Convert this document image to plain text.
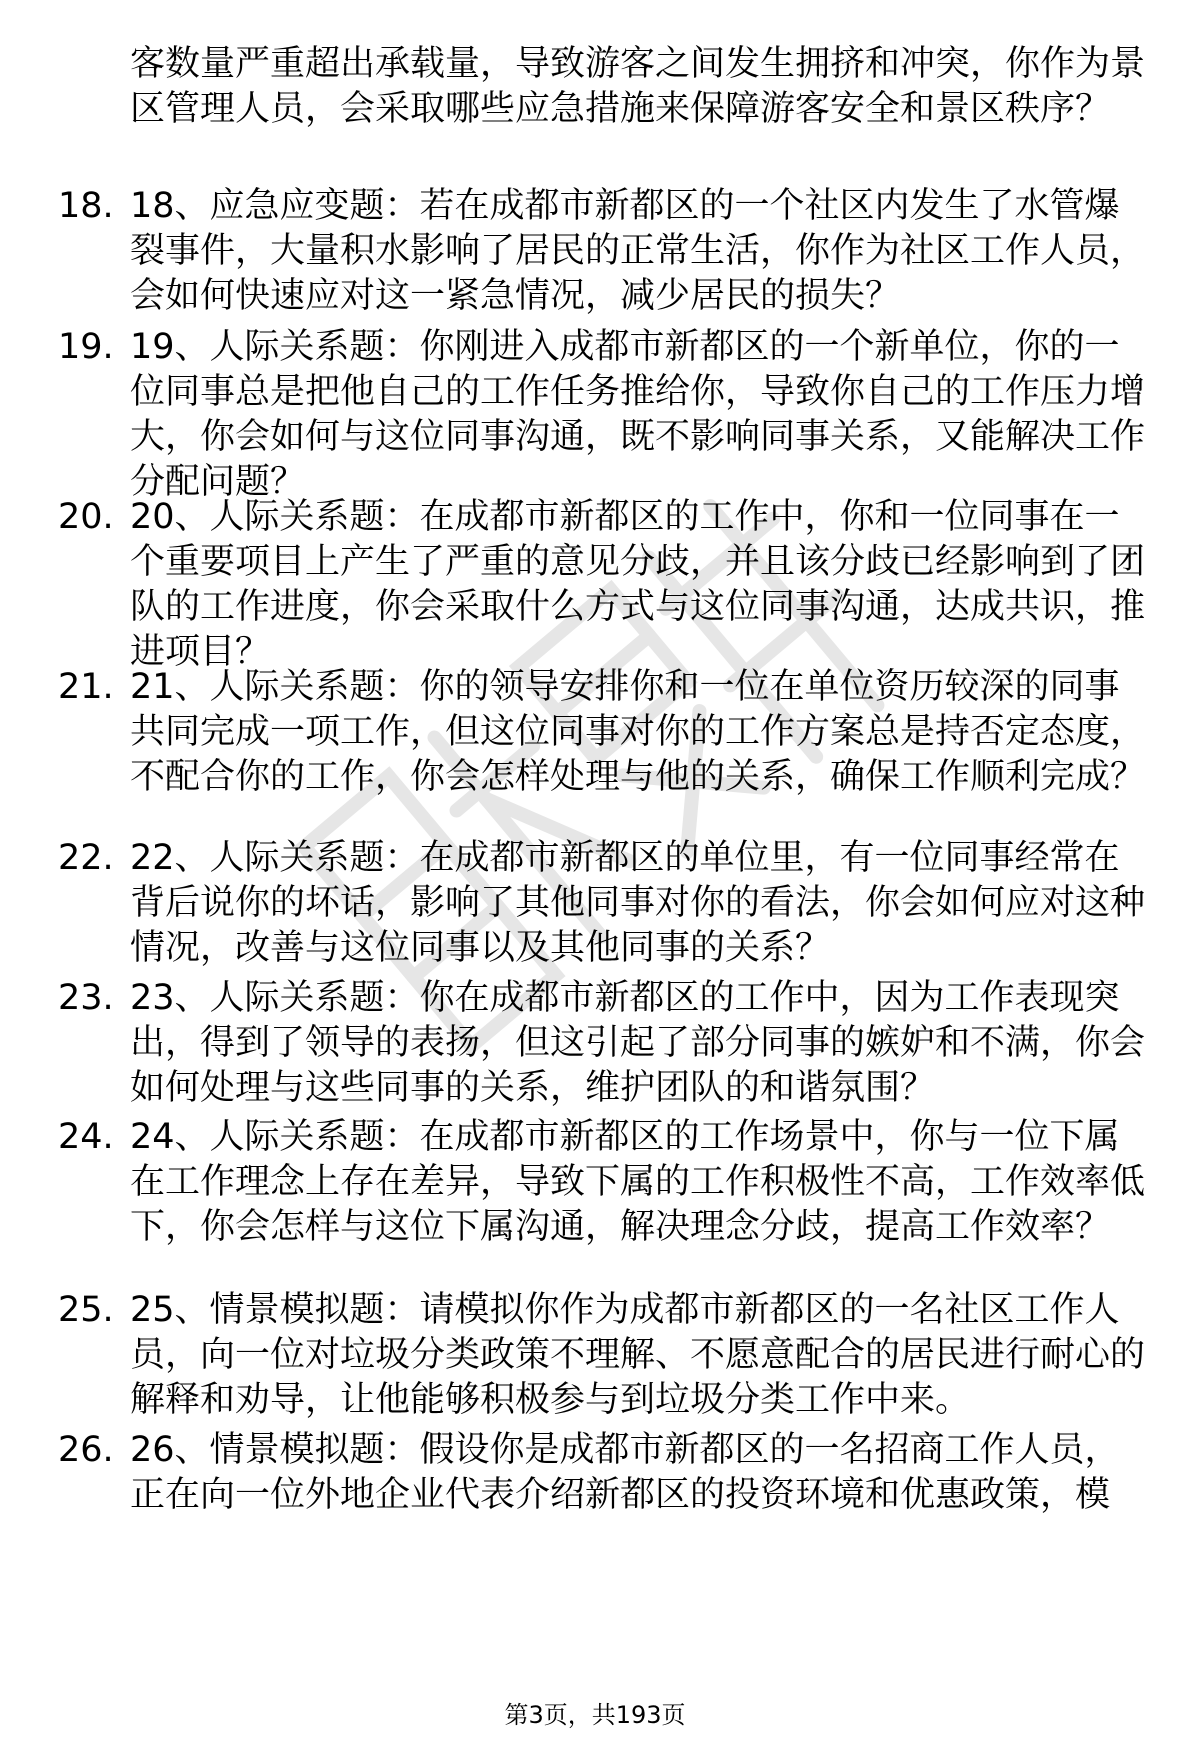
客数量严重超出承载量，导致游客之间发生拥挤和冲突，你作为景区管理人员，会采取哪些应急措施来保障游客安全和景区秩序？

18. 18、应急应变题：若在成都市新都区的一个社区内发生了水管爆裂事件，大量积水影响了居民的正常生活，你作为社区工作人员，会如何快速应对这一紧急情况，减少居民的损失？

19. 19、人际关系题：你刚进入成都市新都区的一个新单位，你的一位同事总是把他自己的工作任务推给你，导致你自己的工作压力增大，你会如何与这位同事沟通，既不影响同事关系，又能解决工作分配问题？

20. 20、人际关系题：在成都市新都区的工作中，你和一位同事在一个重要项目上产生了严重的意见分歧，并且该分歧已经影响到了团队的工作进度，你会采取什么方式与这位同事沟通，达成共识，推进项目？

21. 21、人际关系题：你的领导安排你和一位在单位资历较深的同事共同完成一项工作，但这位同事对你的工作方案总是持否定态度，不配合你的工作，你会怎样处理与他的关系，确保工作顺利完成？

22. 22、人际关系题：在成都市新都区的单位里，有一位同事经常在背后说你的坏话，影响了其他同事对你的看法，你会如何应对这种情况，改善与这位同事以及其他同事的关系？

23. 23、人际关系题：你在成都市新都区的工作中，因为工作表现突出，得到了领导的表扬，但这引起了部分同事的嫉妒和不满，你会如何处理与这些同事的关系，维护团队的和谐氛围？

24. 24、人际关系题：在成都市新都区的工作场景中，你与一位下属在工作理念上存在差异，导致下属的工作积极性不高，工作效率低下，你会怎样与这位下属沟通，解决理念分歧，提高工作效率？

25. 25、情景模拟题：请模拟你作为成都市新都区的一名社区工作人员，向一位对垃圾分类政策不理解、不愿意配合的居民进行耐心的解释和劝导，让他能够积极参与到垃圾分类工作中来。

26. 26、情景模拟题：假设你是成都市新都区的一名招商工作人员，正在向一位外地企业代表介绍新都区的投资环境和优惠政策，模

第3页，共193页
